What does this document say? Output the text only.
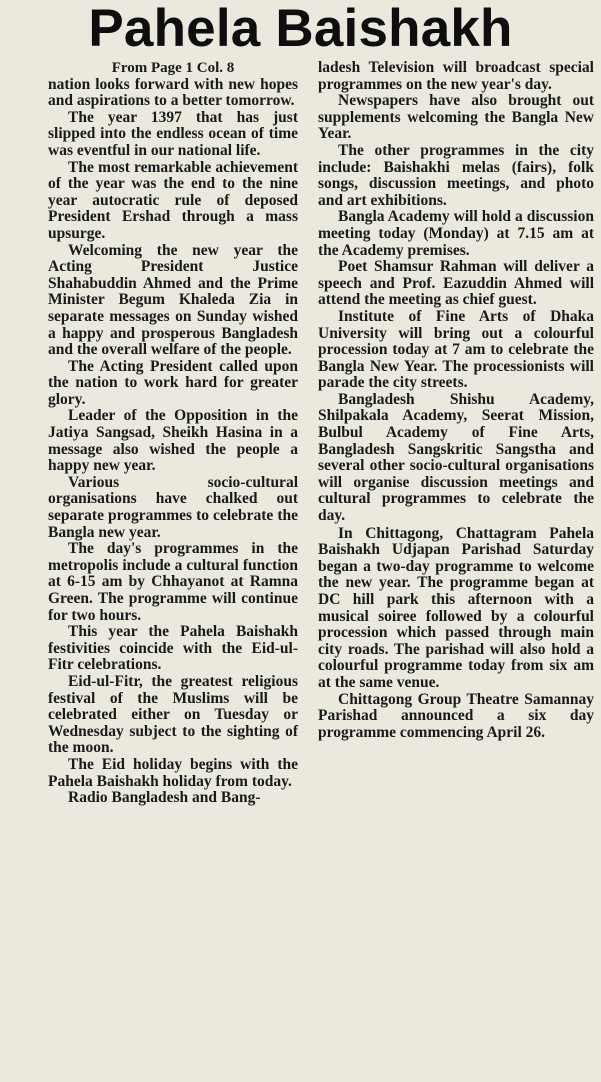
Pahela Baishakh
From Page 1 Col. 8

nation looks forward with new hopes and aspirations to a better tomorrow.

The year 1397 that has just slipped into the endless ocean of time was eventful in our national life.

The most remarkable achievement of the year was the end to the nine year autocratic rule of deposed President Ershad through a mass upsurge.

Welcoming the new year the Acting President Justice Shahabuddin Ahmed and the Prime Minister Begum Khaleda Zia in separate messages on Sunday wished a happy and prosperous Bangladesh and the overall welfare of the people.

The Acting President called upon the nation to work hard for greater glory.

Leader of the Opposition in the Jatiya Sangsad, Sheikh Hasina in a message also wished the people a happy new year.

Various socio-cultural organisations have chalked out separate programmes to celebrate the Bangla new year.

The day's programmes in the metropolis include a cultural function at 6-15 am by Chhayanot at Ramna Green. The programme will continue for two hours.

This year the Pahela Baishakh festivities coincide with the Eid-ul-Fitr celebrations.

Eid-ul-Fitr, the greatest religious festival of the Muslims will be celebrated either on Tuesday or Wednesday subject to the sighting of the moon.

The Eid holiday begins with the Pahela Baishakh holiday from today.

Radio Bangladesh and Bang-

ladesh Television will broadcast special programmes on the new year's day.

Newspapers have also brought out supplements welcoming the Bangla New Year.

The other programmes in the city include: Baishakhi melas (fairs), folk songs, discussion meetings, and photo and art exhibitions.

Bangla Academy will hold a discussion meeting today (Monday) at 7.15 am at the Academy premises.

Poet Shamsur Rahman will deliver a speech and Prof. Eazuddin Ahmed will attend the meeting as chief guest.

Institute of Fine Arts of Dhaka University will bring out a colourful procession today at 7 am to celebrate the Bangla New Year. The processionists will parade the city streets.

Bangladesh Shishu Academy, Shilpakala Academy, Seerat Mission, Bulbul Academy of Fine Arts, Bangladesh Sangskritic Sangstha and several other socio-cultural organisations will organise discussion meetings and cultural programmes to celebrate the day.

In Chittagong, Chattagram Pahela Baishakh Udjapan Parishad Saturday began a two-day programme to welcome the new year. The programme began at DC hill park this afternoon with a musical soiree followed by a colourful procession which passed through main city roads. The parishad will also hold a colourful programme today from six am at the same venue.

Chittagong Group Theatre Samannay Parishad announced a six day programme commencing April 26.
